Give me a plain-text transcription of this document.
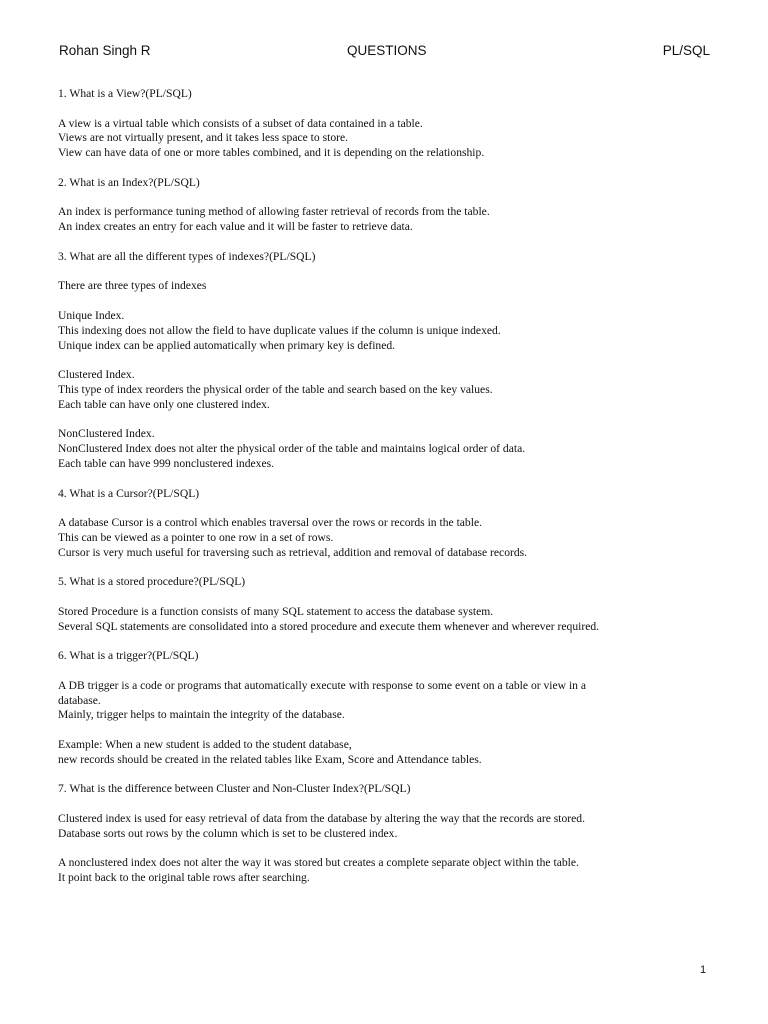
Rohan Singh R	QUESTIONS	PL/SQL

1. What is a View?(PL/SQL)

A view is a virtual table which consists of a subset of data contained in a table.

Views are not virtually present, and it takes less space to store.

View can have data of one or more tables combined, and it is depending on the relationship.

2. What is an Index?(PL/SQL)

An index is performance tuning method of allowing faster retrieval of records from the table.

An index creates an entry for each value and it will be faster to retrieve data.

3. What are all the different types of indexes?(PL/SQL)

There are three types of indexes

Unique Index.

This indexing does not allow the field to have duplicate values if the column is unique indexed.

Unique index can be applied automatically when primary key is defined.

Clustered Index.

This type of index reorders the physical order of the table and search based on the key values.

Each table can have only one clustered index.

NonClustered Index.

NonClustered Index does not alter the physical order of the table and maintains logical order of data.

Each table can have 999 nonclustered indexes.

4. What is a Cursor?(PL/SQL)

A database Cursor is a control which enables traversal over the rows or records in the table.

This can be viewed as a pointer to one row in a set of rows.

Cursor is very much useful for traversing such as retrieval, addition and removal of database records.

5. What is a stored procedure?(PL/SQL)

Stored Procedure is a function consists of many SQL statement to access the database system.

Several SQL statements are consolidated into a stored procedure and execute them whenever and wherever required.

6. What is a trigger?(PL/SQL)

A DB trigger is a code or programs that automatically execute with response to some event on a table or view in a

database.

Mainly, trigger helps to maintain the integrity of the database.

Example: When a new student is added to the student database,

new records should be created in the related tables like Exam, Score and Attendance tables.

7. What is the difference between Cluster and Non-Cluster Index?(PL/SQL)

Clustered index is used for easy retrieval of data from the database by altering the way that the records are stored.

Database sorts out rows by the column which is set to be clustered index.

A nonclustered index does not alter the way it was stored but creates a complete separate object within the table.

It point back to the original table rows after searching.

1
